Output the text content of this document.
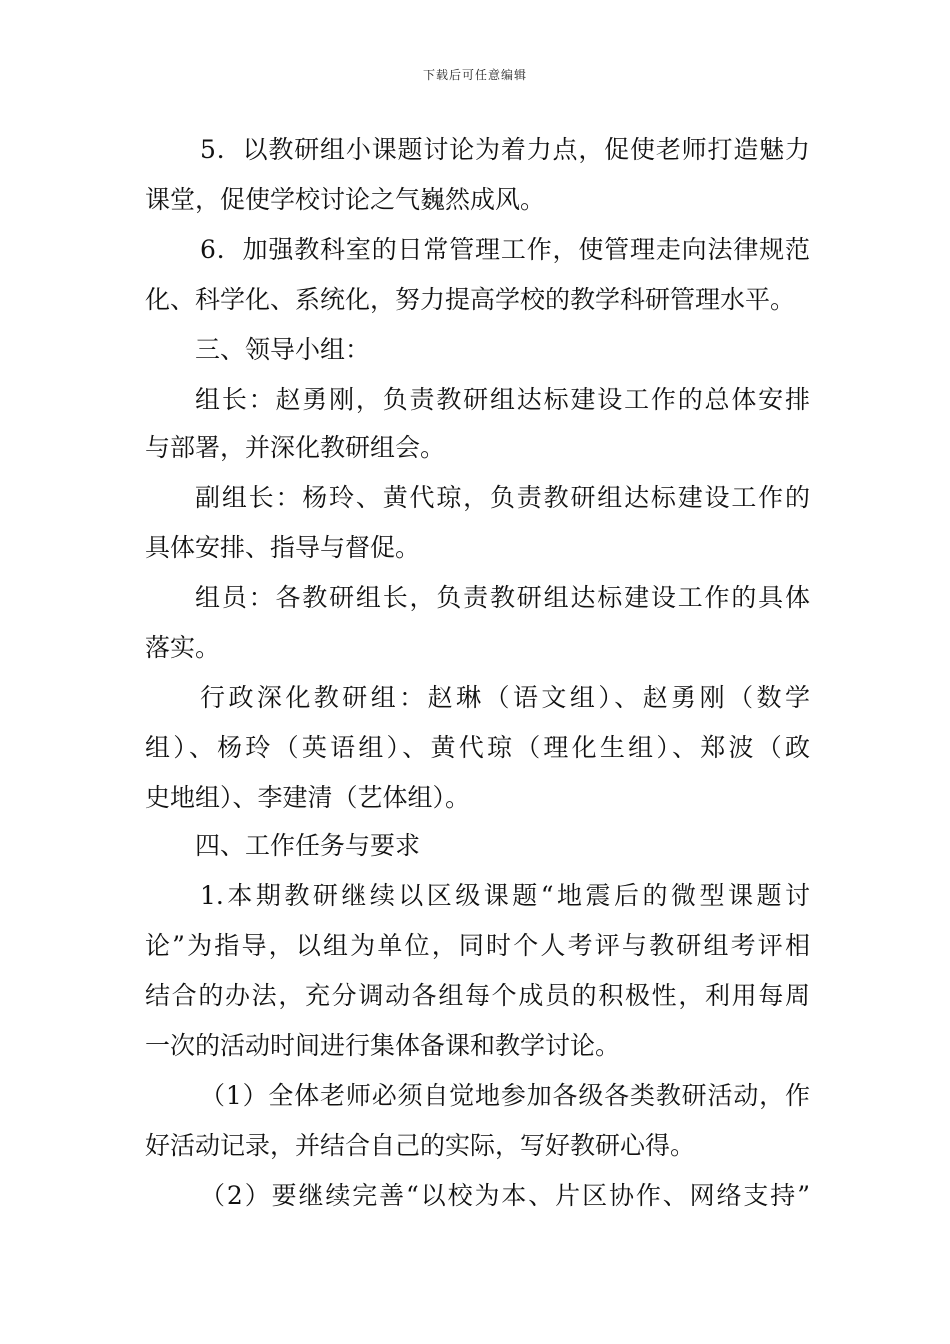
下载后可任意编辑
5．以教研组小课题讨论为着力点，促使老师打造魅力
课堂，促使学校讨论之气巍然成风。
6．加强教科室的日常管理工作，使管理走向法律规范
化、科学化、系统化，努力提高学校的教学科研管理水平。
三、领导小组：
组长：赵勇刚，负责教研组达标建设工作的总体安排
与部署，并深化教研组会。
副组长：杨玲、黄代琼，负责教研组达标建设工作的
具体安排、指导与督促。
组员：各教研组长，负责教研组达标建设工作的具体
落实。
行政深化教研组：赵琳（语文组）、赵勇刚（数学
组）、杨玲（英语组）、黄代琼（理化生组）、郑波（政
史地组）、李建清（艺体组）。
四、工作任务与要求
1.本期教研继续以区级课题“地震后的微型课题讨
论”为指导，以组为单位，同时个人考评与教研组考评相
结合的办法，充分调动各组每个成员的积极性，利用每周
一次的活动时间进行集体备课和教学讨论。
（1）全体老师必须自觉地参加各级各类教研活动，作
好活动记录，并结合自己的实际，写好教研心得。
（2）要继续完善“以校为本、片区协作、网络支持”
